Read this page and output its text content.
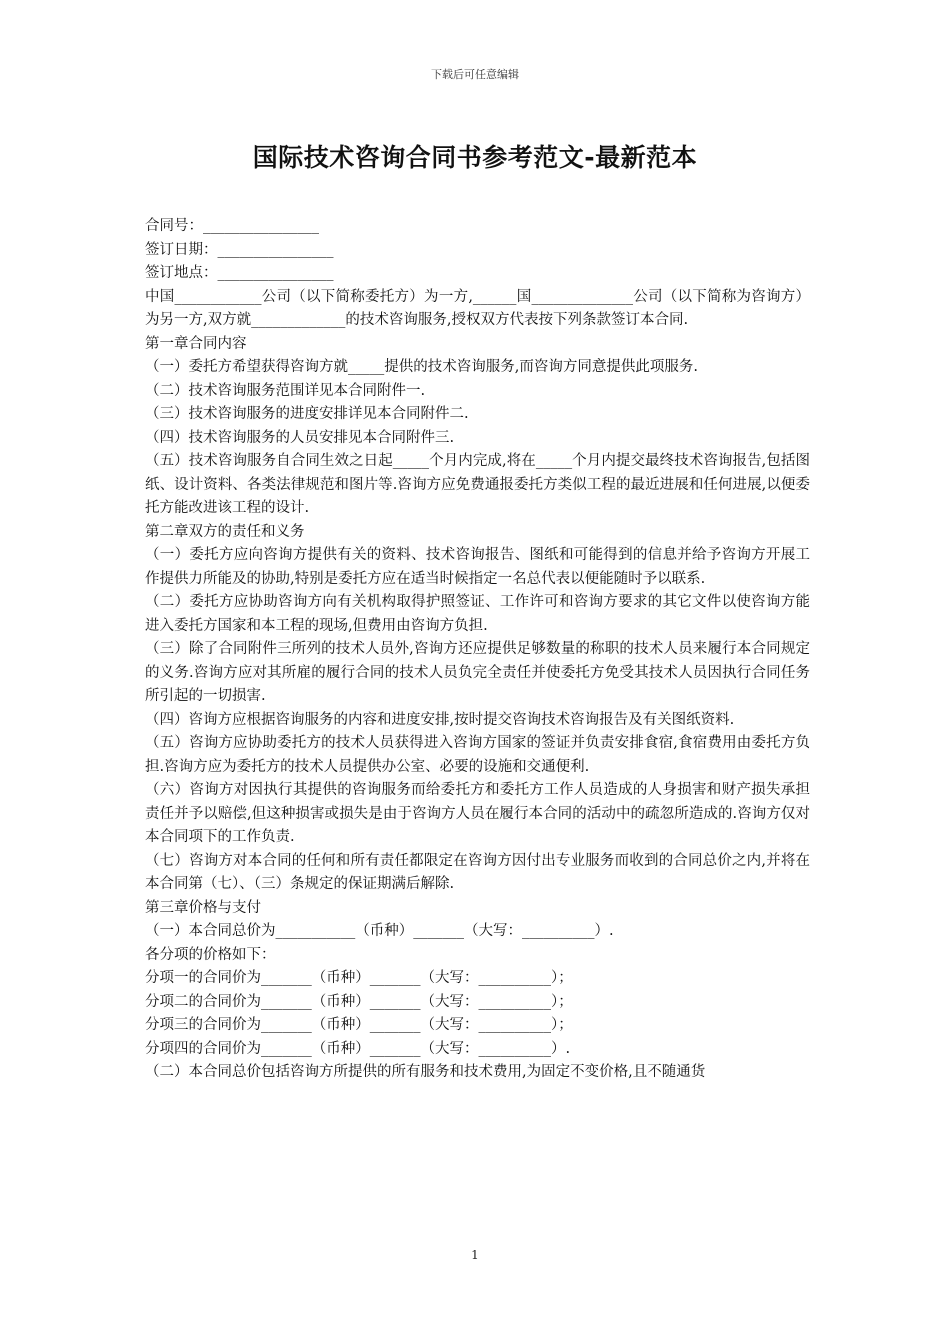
下载后可任意编辑
国际技术咨询合同书参考范文-最新范本

合同号：________________

签订日期：________________

签订地点：________________

中国____________公司（以下简称委托方）为一方,______国______________公司（以下简称为咨询方）为另一方,双方就_____________的技术咨询服务,授权双方代表按下列条款签订本合同.

第一章合同内容

（一）委托方希望获得咨询方就_____提供的技术咨询服务,而咨询方同意提供此项服务.

（二）技术咨询服务范围详见本合同附件一.

（三）技术咨询服务的进度安排详见本合同附件二.

（四）技术咨询服务的人员安排见本合同附件三.

（五）技术咨询服务自合同生效之日起_____个月内完成,将在_____个月内提交最终技术咨询报告,包括图纸、设计资料、各类法律规范和图片等.咨询方应免费通报委托方类似工程的最近进展和任何进展,以便委托方能改进该工程的设计.

第二章双方的责任和义务

（一）委托方应向咨询方提供有关的资料、技术咨询报告、图纸和可能得到的信息并给予咨询方开展工作提供力所能及的协助,特别是委托方应在适当时候指定一名总代表以便能随时予以联系.

（二）委托方应协助咨询方向有关机构取得护照签证、工作许可和咨询方要求的其它文件以使咨询方能进入委托方国家和本工程的现场,但费用由咨询方负担.

（三）除了合同附件三所列的技术人员外,咨询方还应提供足够数量的称职的技术人员来履行本合同规定的义务.咨询方应对其所雇的履行合同的技术人员负完全责任并使委托方免受其技术人员因执行合同任务所引起的一切损害.

（四）咨询方应根据咨询服务的内容和进度安排,按时提交咨询技术咨询报告及有关图纸资料.

（五）咨询方应协助委托方的技术人员获得进入咨询方国家的签证并负责安排食宿,食宿费用由委托方负担.咨询方应为委托方的技术人员提供办公室、必要的设施和交通便利.

（六）咨询方对因执行其提供的咨询服务而给委托方和委托方工作人员造成的人身损害和财产损失承担责任并予以赔偿,但这种损害或损失是由于咨询方人员在履行本合同的活动中的疏忽所造成的.咨询方仅对本合同项下的工作负责.

（七）咨询方对本合同的任何和所有责任都限定在咨询方因付出专业服务而收到的合同总价之内,并将在本合同第（七）、（三）条规定的保证期满后解除.

第三章价格与支付

（一）本合同总价为___________（币种）_______（大写：__________）.

各分项的价格如下：

分项一的合同价为_______（币种）_______（大写：__________）；

分项二的合同价为_______（币种）_______（大写：__________）；

分项三的合同价为_______（币种）_______（大写：__________）；

分项四的合同价为_______（币种）_______（大写：__________）.

（二）本合同总价包括咨询方所提供的所有服务和技术费用,为固定不变价格,且不随通货

1
